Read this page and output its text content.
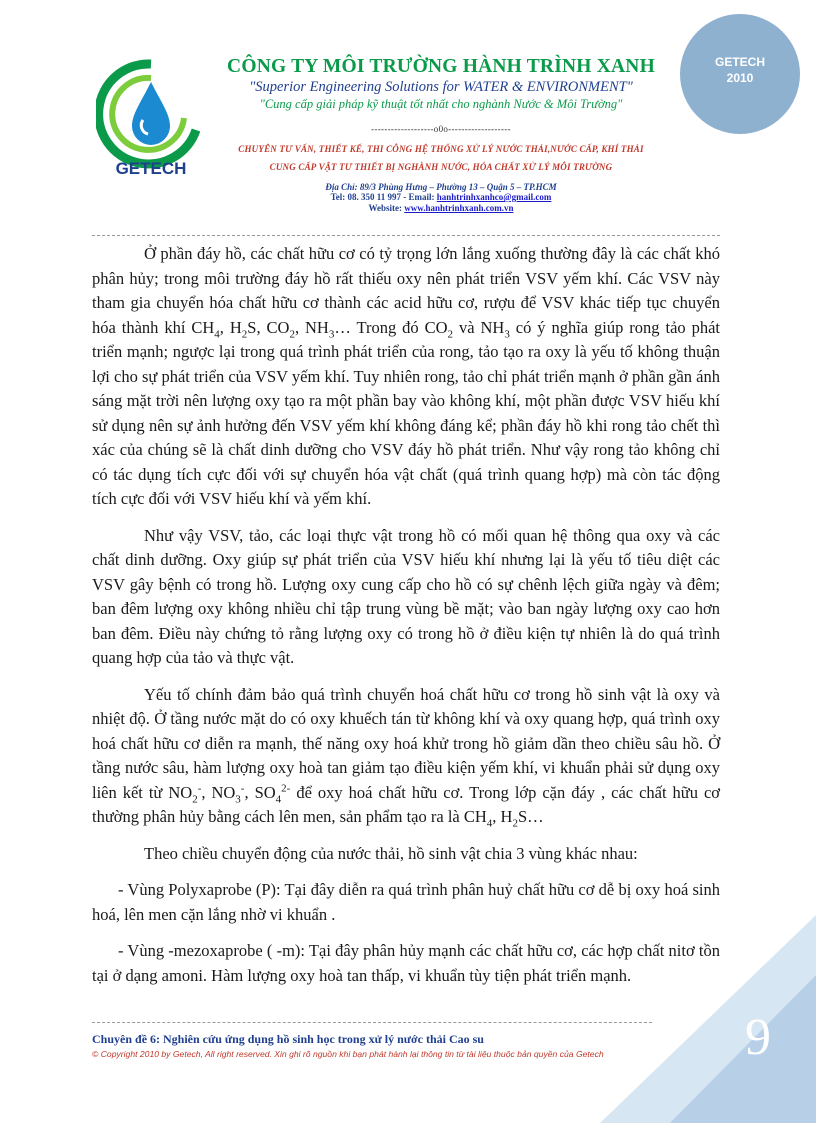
GETECH
2010
GETECH
CÔNG TY MÔI TRƯỜNG HÀNH TRÌNH XANH
"Superior Engineering Solutions for WATER & ENVIRONMENT"
"Cung cấp giải pháp kỹ thuật tốt nhất cho nghành Nước & Môi Trường"
-------------------o0o-------------------
CHUYÊN TƯ VẤN, THIẾT KẾ, THI CÔNG HỆ THỐNG XỬ LÝ NƯỚC THẢI,NƯỚC CẤP, KHÍ THẢI
CUNG CẤP VẬT TƯ THIẾT BỊ NGHÀNH NƯỚC, HÓA CHẤT XỬ LÝ MÔI TRƯỜNG
Địa Chỉ: 89/3 Phùng Hưng – Phường 13 – Quận 5 – TP.HCM
Tel: 08. 350 11 997 - Email: hanhtrinhxanhco@gmail.com
Website: www.hanhtrinhxanh.com.vn

Ở phần đáy hồ, các chất hữu cơ có tỷ trọng lớn lắng xuống thường đây là các chất khó phân hủy; trong môi trường đáy hồ rất thiếu oxy nên phát triển VSV yếm khí. Các VSV này tham gia chuyển hóa chất hữu cơ thành các acid hữu cơ, rượu để VSV khác tiếp tục chuyển hóa thành khí $CH_4$, $H_2S$, $CO_2$, $NH_3\dots$ Trong đó $CO_2$ và $NH_3$ có ý nghĩa giúp rong tảo phát triển mạnh; ngược lại trong quá trình phát triển của rong, tảo tạo ra oxy là yếu tố không thuận lợi cho sự phát triển của VSV yếm khí. Tuy nhiên rong, tảo chỉ phát triển mạnh ở phần gần ánh sáng mặt trời nên lượng oxy tạo ra một phần bay vào không khí, một phần được VSV hiếu khí sử dụng nên sự ảnh hưởng đến VSV yếm khí không đáng kể; phần đáy hồ khi rong tảo chết thì xác của chúng sẽ là chất dinh dưỡng cho VSV đáy hồ phát triển. Như vậy rong tảo không chỉ có tác dụng tích cực đối với sự chuyển hóa vật chất (quá trình quang hợp) mà còn tác động tích cực đối với VSV hiếu khí và yếm khí.

Như vậy VSV, tảo, các loại thực vật trong hồ có mối quan hệ thông qua oxy và các chất dinh dưỡng. Oxy giúp sự phát triển của VSV hiếu khí nhưng lại là yếu tố tiêu diệt các VSV gây bệnh có trong hồ. Lượng oxy cung cấp cho hồ có sự chênh lệch giữa ngày và đêm; ban đêm lượng oxy không nhiều chỉ tập trung vùng bề mặt; vào ban ngày lượng oxy cao hơn ban đêm. Điều này chứng tỏ rằng lượng oxy có trong hồ ở điều kiện tự nhiên là do quá trình quang hợp của tảo và thực vật.

Yếu tố chính đảm bảo quá trình chuyển hoá chất hữu cơ trong hồ sinh vật là oxy và nhiệt độ. Ở tầng nước mặt do có oxy khuếch tán từ không khí và oxy quang hợp, quá trình oxy hoá chất hữu cơ diễn ra mạnh, thế năng oxy hoá khử trong hồ giảm dần theo chiều sâu hồ. Ở tầng nước sâu, hàm lượng oxy hoà tan giảm tạo điều kiện yếm khí, vi khuẩn phải sử dụng oxy liên kết từ $NO_2^-$, $NO_3^-$, $SO_4^{2-}$ để oxy hoá chất hữu cơ. Trong lớp cặn đáy , các chất hữu cơ thường phân hủy bằng cách lên men, sản phẩm tạo ra là $CH_4$, $H_2S\dots$

Theo chiều chuyển động của nước thải, hồ sinh vật chia 3 vùng khác nhau:

- Vùng Polyxaprobe (P): Tại đây diễn ra quá trình phân huỷ chất hữu cơ dễ bị oxy hoá sinh hoá, lên men cặn lắng nhờ vi khuẩn .

- Vùng -mezoxaprobe ( -m): Tại đây phân hủy mạnh các chất hữu cơ, các hợp chất nitơ tồn tại ở dạng amoni. Hàm lượng oxy hoà tan thấp, vi khuẩn tùy tiện phát triển mạnh.

Chuyên đề 6: Nghiên cứu ứng dụng hồ sinh học trong xử lý nước thải Cao su
© Copyright 2010 by Getech, All right reserved. Xin ghi rõ nguồn khi bạn phát hành lại thông tin từ tài liệu thuộc bản quyền của Getech	9
